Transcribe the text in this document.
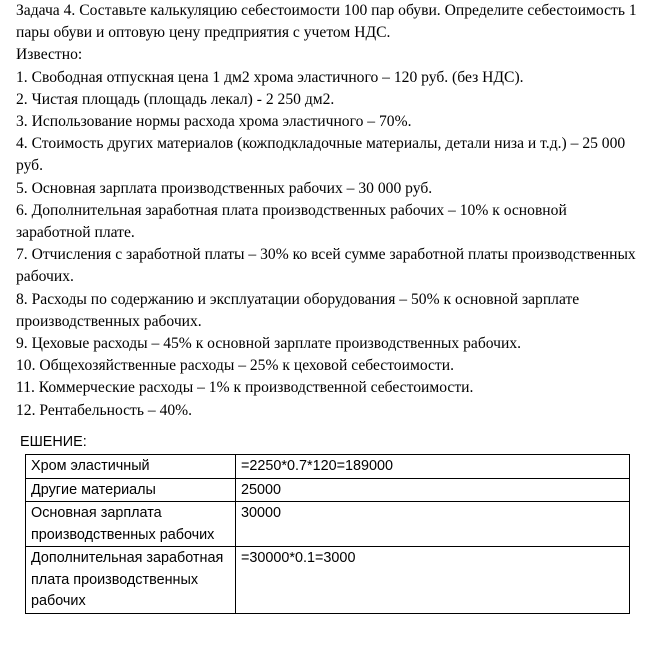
Задача 4. Составьте калькуляцию себестоимости 100 пар обуви. Определите себестоимость 1 пары обуви и оптовую цену предприятия с учетом НДС.

Известно:

1. Свободная отпускная цена 1 дм2 хрома эластичного – 120 руб. (без НДС).

2. Чистая площадь (площадь лекал) - 2 250 дм2.

3. Использование нормы расхода хрома эластичного – 70%.

4. Стоимость других материалов (кожподкладочные материалы, детали низа и т.д.) – 25 000 руб.

5. Основная зарплата производственных рабочих – 30 000 руб.

6. Дополнительная заработная плата производственных рабочих – 10% к основной заработной плате.

7. Отчисления с заработной платы – 30% ко всей сумме заработной платы производственных рабочих.

8. Расходы по содержанию и эксплуатации оборудования – 50% к основной зарплате производственных рабочих.

9. Цеховые расходы – 45% к основной зарплате производственных рабочих.

10. Общехозяйственные расходы – 25% к цеховой себестоимости.

11. Коммерческие расходы – 1% к производственной себестоимости.

12. Рентабельность – 40%.

ЕШЕНИЕ:

Хром эластичный	=2250*0.7*120=189000
Другие материалы	25000
Основная зарплата производственных рабочих	30000
Дополнительная заработная плата производственных рабочих	=30000*0.1=3000
